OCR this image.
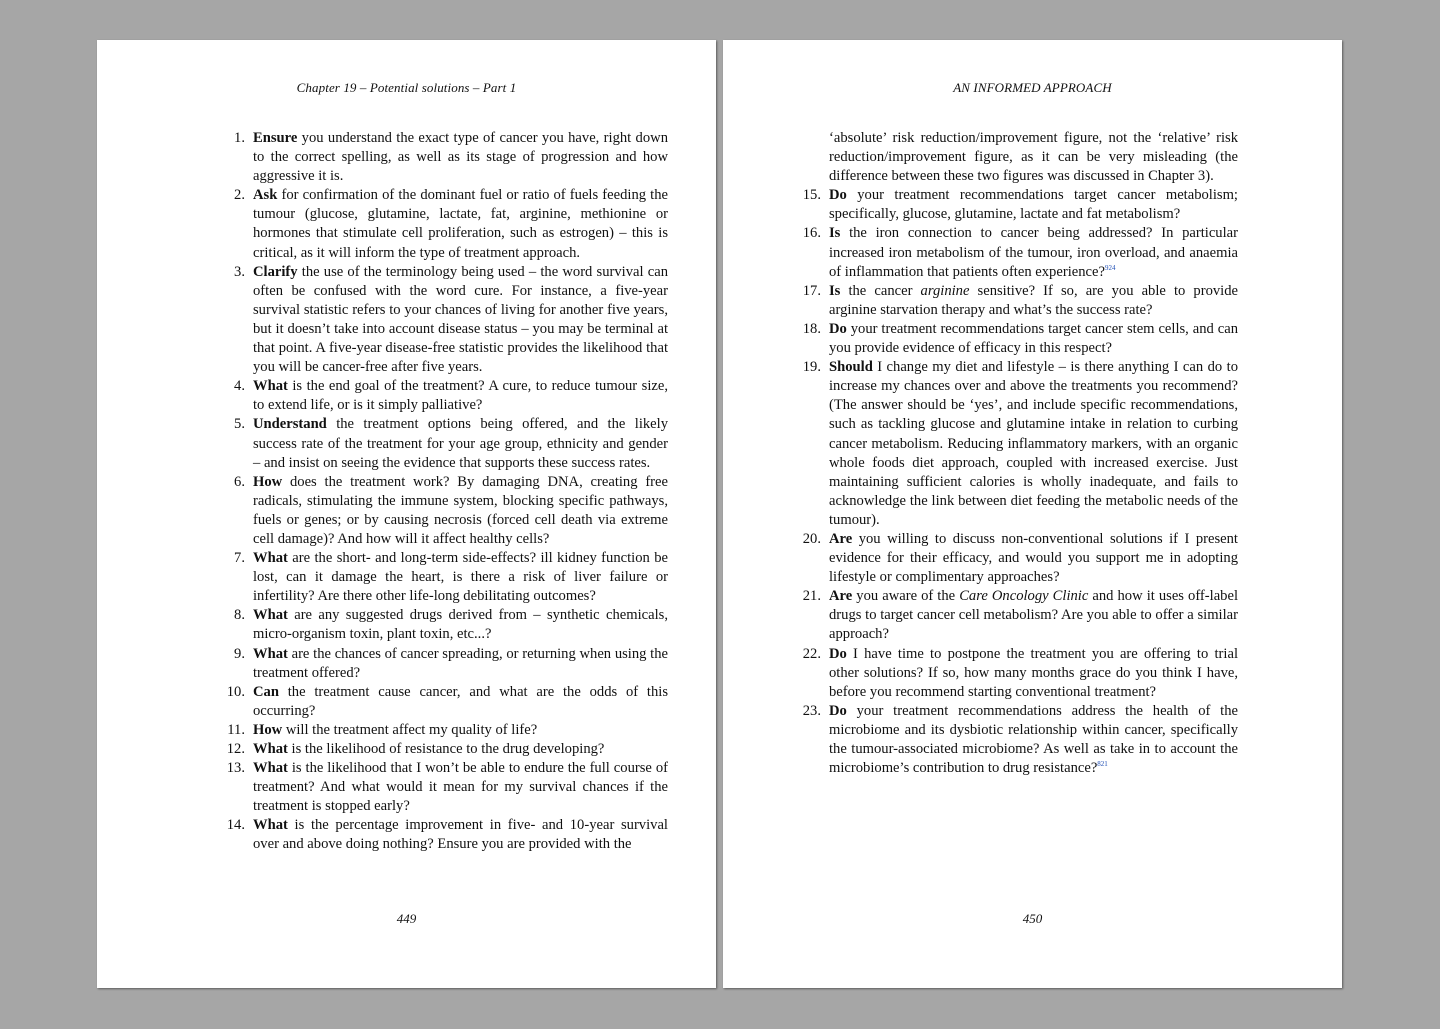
Chapter 19 – Potential solutions – Part 1
1. Ensure you understand the exact type of cancer you have, right down to the correct spelling, as well as its stage of progression and how aggressive it is.
2. Ask for confirmation of the dominant fuel or ratio of fuels feeding the tumour (glucose, glutamine, lactate, fat, arginine, methionine or hormones that stimulate cell proliferation, such as estrogen) – this is critical, as it will inform the type of treatment approach.
3. Clarify the use of the terminology being used – the word survival can often be confused with the word cure. For instance, a five-year survival statistic refers to your chances of living for another five years, but it doesn’t take into account disease status – you may be terminal at that point. A five-year disease-free statistic provides the likelihood that you will be cancer-free after five years.
4. What is the end goal of the treatment? A cure, to reduce tumour size, to extend life, or is it simply palliative?
5. Understand the treatment options being offered, and the likely success rate of the treatment for your age group, ethnicity and gender – and insist on seeing the evidence that supports these success rates.
6. How does the treatment work? By damaging DNA, creating free radicals, stimulating the immune system, blocking specific pathways, fuels or genes; or by causing necrosis (forced cell death via extreme cell damage)? And how will it affect healthy cells?
7. What are the short- and long-term side-effects? ill kidney function be lost, can it damage the heart, is there a risk of liver failure or infertility? Are there other life-long debilitating outcomes?
8. What are any suggested drugs derived from – synthetic chemicals, micro-organism toxin, plant toxin, etc...?
9. What are the chances of cancer spreading, or returning when using the treatment offered?
10. Can the treatment cause cancer, and what are the odds of this occurring?
11. How will the treatment affect my quality of life?
12. What is the likelihood of resistance to the drug developing?
13. What is the likelihood that I won’t be able to endure the full course of treatment? And what would it mean for my survival chances if the treatment is stopped early?
14. What is the percentage improvement in five- and 10-year survival over and above doing nothing? Ensure you are provided with the
449
AN INFORMED APPROACH
‘absolute’ risk reduction/improvement figure, not the ‘relative’ risk reduction/improvement figure, as it can be very misleading (the difference between these two figures was discussed in Chapter 3).
15. Do your treatment recommendations target cancer metabolism; specifically, glucose, glutamine, lactate and fat metabolism?
16. Is the iron connection to cancer being addressed? In particular increased iron metabolism of the tumour, iron overload, and anaemia of inflammation that patients often experience?$^{924}$
17. Is the cancer arginine sensitive? If so, are you able to provide arginine starvation therapy and what’s the success rate?
18. Do your treatment recommendations target cancer stem cells, and can you provide evidence of efficacy in this respect?
19. Should I change my diet and lifestyle – is there anything I can do to increase my chances over and above the treatments you recommend? (The answer should be ‘yes’, and include specific recommendations, such as tackling glucose and glutamine intake in relation to curbing cancer metabolism. Reducing inflammatory markers, with an organic whole foods diet approach, coupled with increased exercise. Just maintaining sufficient calories is wholly inadequate, and fails to acknowledge the link between diet feeding the metabolic needs of the tumour).
20. Are you willing to discuss non-conventional solutions if I present evidence for their efficacy, and would you support me in adopting lifestyle or complimentary approaches?
21. Are you aware of the Care Oncology Clinic and how it uses off-label drugs to target cancer cell metabolism? Are you able to offer a similar approach?
22. Do I have time to postpone the treatment you are offering to trial other solutions? If so, how many months grace do you think I have, before you recommend starting conventional treatment?
23. Do your treatment recommendations address the health of the microbiome and its dysbiotic relationship within cancer, specifically the tumour-associated microbiome? As well as take in to account the microbiome’s contribution to drug resistance?$^{821}$
450
